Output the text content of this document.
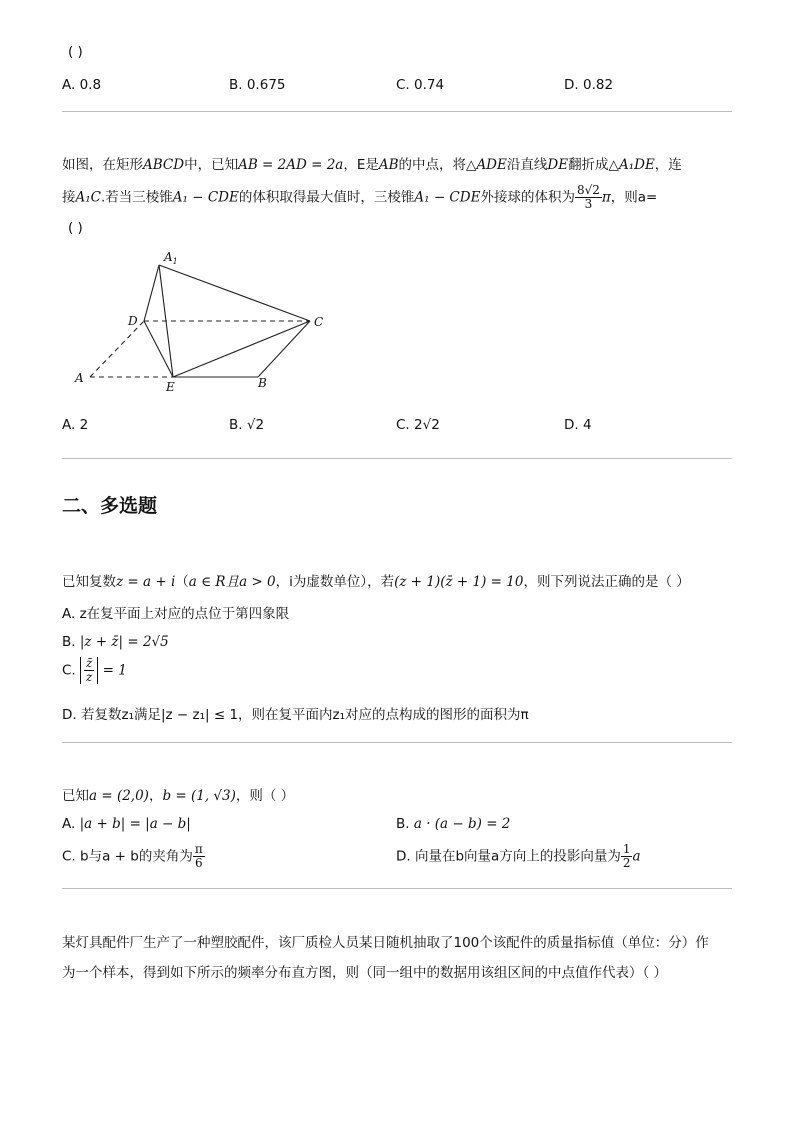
( )
A. 0.8	B. 0.675	C. 0.74	D. 0.82
如图，在矩形ABCD中，已知AB = 2AD = 2a，E是AB的中点，将△ADE沿直线DE翻折成△A₁DE，连
接A₁C.若当三棱锥A₁ − CDE的体积取得最大值时，三棱锥A₁ − CDE外接球的体积为 $\frac{8√2}{3}$ π，则a=
( )
$A_1$
D	C
A
E	B
A. 2	B. √2	C. 2√2	D. 4
二、多选题
已知复数z = a + i（a ∈ R且a > 0，i为虚数单位），若(z + 1)(z̄ + 1) = 10，则下列说法正确的是（ ）
A. z在复平面上对应的点位于第四象限
B. |z + z̄| = 2√5
C. $\frac{z̄}{z} = 1$
D. 若复数z₁满足|z − z₁| ≤ 1，则在复平面内z₁对应的点构成的图形的面积为π
已知a = (2,0)，b = (1, √3)，则（ ）
A. |a + b| = |a − b|	B. a · (a − b) = 2
C. b与a + b的夹角为 $\frac{\pi}{6}$	D. 向量在b向量a方向上的投影向量为 $\frac{1}{2}$ a
某灯具配件厂生产了一种塑胶配件，该厂质检人员某日随机抽取了100个该配件的质量指标值（单位：分）作
为一个样本，得到如下所示的频率分布直方图，则（同一组中的数据用该组区间的中点值作代表）（ ）
